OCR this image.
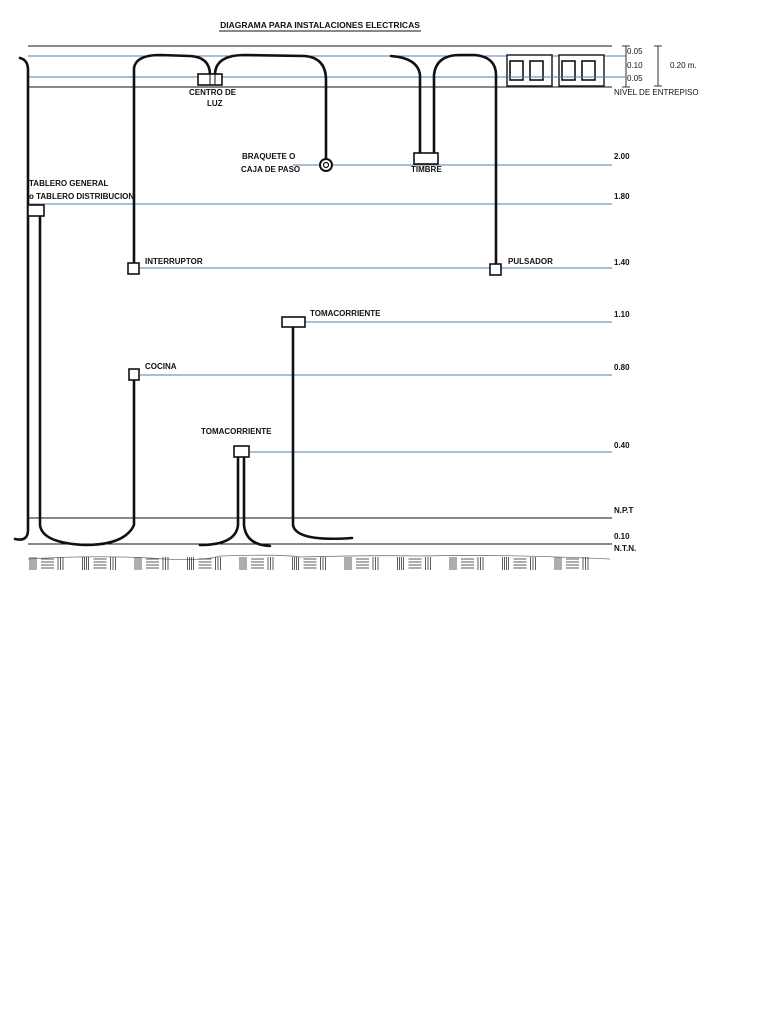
DIAGRAMA PARA INSTALACIONES ELECTRICAS
0.05
0.10
0.05
0.20 m.
NIVEL DE ENTREPISO
2.00
1.80
1.40
1.10
0.80
0.40
N.P.T
0.10
N.T.N.
CENTRO DE
LUZ
BRAQUETE O
CAJA DE PASO	TIMBRE
TABLERO GENERAL
o TABLERO DISTRIBUCION
INTERRUPTOR	PULSADOR
TOMACORRIENTE
COCINA
TOMACORRIENTE
